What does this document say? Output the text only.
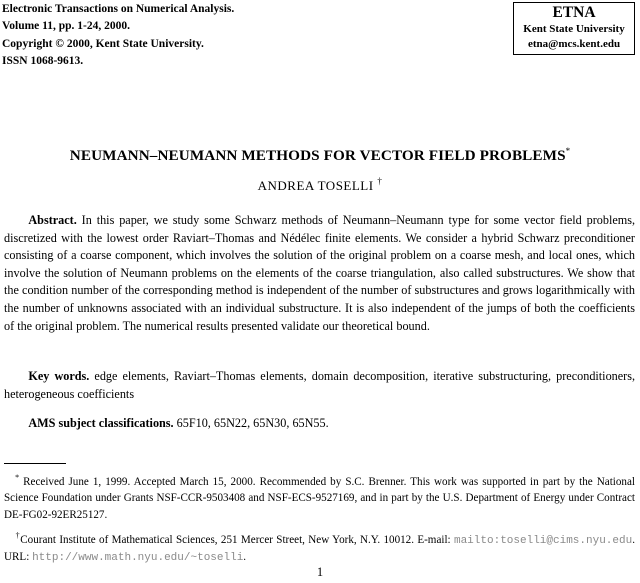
Electronic Transactions on Numerical Analysis.
Volume 11, pp. 1-24, 2000.
Copyright © 2000, Kent State University.
ISSN 1068-9613.
ETNA
Kent State University
etna@mcs.kent.edu
NEUMANN–NEUMANN METHODS FOR VECTOR FIELD PROBLEMS*
ANDREA TOSELLI †
  Abstract. In this paper, we study some Schwarz methods of Neumann–Neumann type for some vector field problems, discretized with the lowest order Raviart–Thomas and Nédélec finite elements. We consider a hybrid Schwarz preconditioner consisting of a coarse component, which involves the solution of the original problem on a coarse mesh, and local ones, which involve the solution of Neumann problems on the elements of the coarse triangulation, also called substructures. We show that the condition number of the corresponding method is independent of the number of substructures and grows logarithmically with the number of unknowns associated with an individual substructure. It is also independent of the jumps of both the coefficients of the original problem. The numerical results presented validate our theoretical bound.
  Key words. edge elements, Raviart–Thomas elements, domain decomposition, iterative substructuring, preconditioners, heterogeneous coefficients
  AMS subject classifications. 65F10, 65N22, 65N30, 65N55.
 * Received June 1, 1999. Accepted March 15, 2000. Recommended by S.C. Brenner. This work was supported in part by the National Science Foundation under Grants NSF-CCR-9503408 and NSF-ECS-9527169, and in part by the U.S. Department of Energy under Contract DE-FG02-92ER25127.
 †Courant Institute of Mathematical Sciences, 251 Mercer Street, New York, N.Y. 10012. E-mail: mailto:toselli@cims.nyu.edu. URL: http://www.math.nyu.edu/~toselli.
1
